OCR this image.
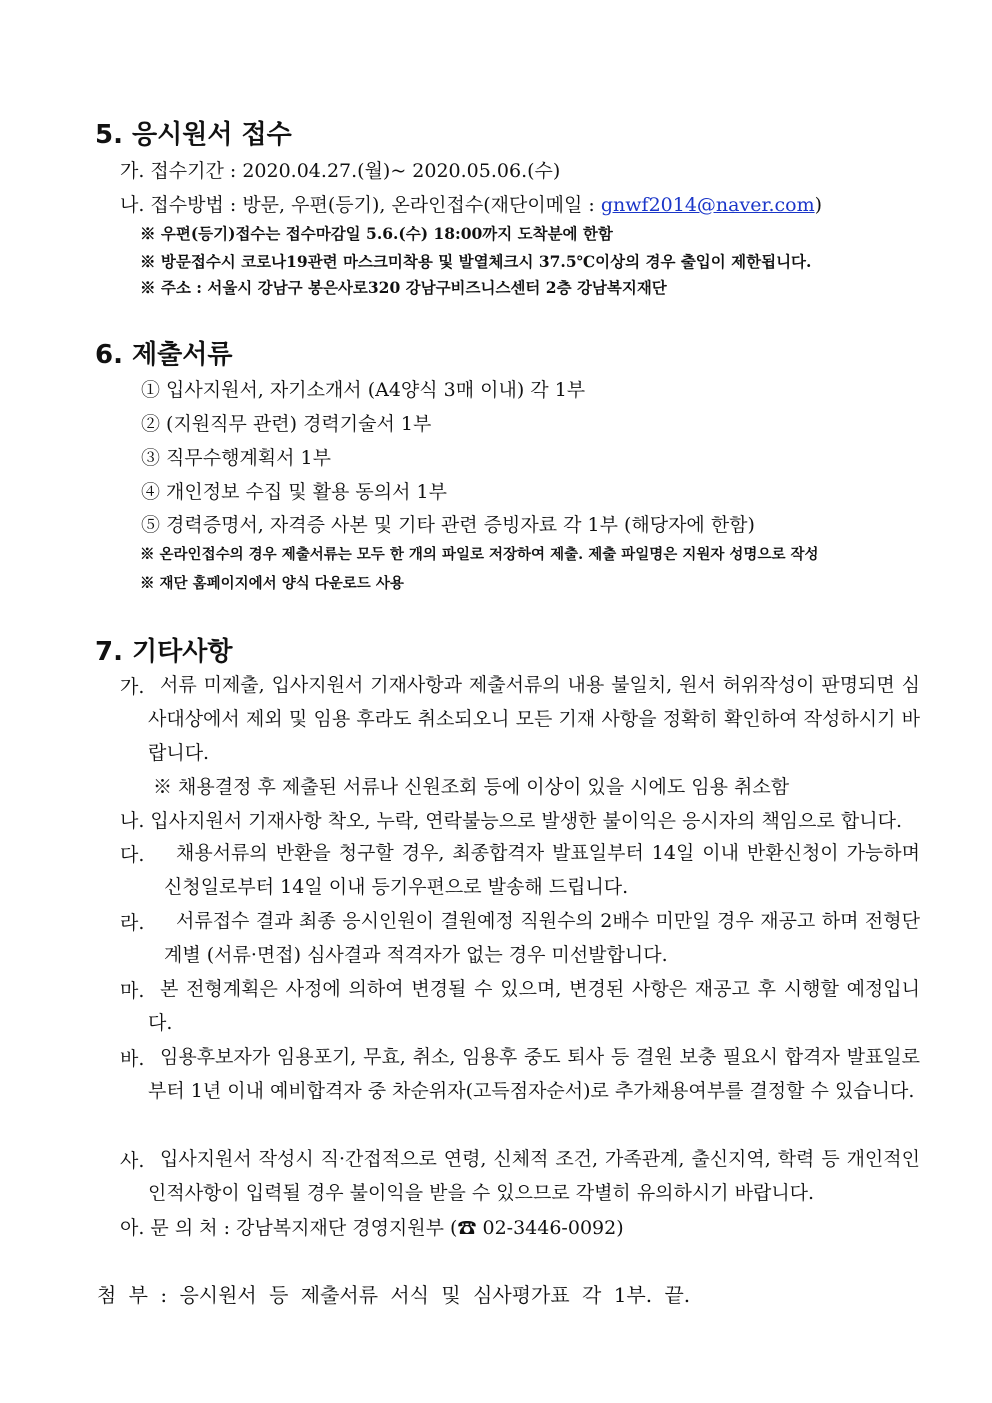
5. 응시원서 접수
가. 접수기간 : 2020.04.27.(월)~ 2020.05.06.(수)
나. 접수방법 : 방문, 우편(등기), 온라인접수(재단이메일 : gnwf2014@naver.com)
※ 우편(등기)접수는 접수마감일 5.6.(수) 18:00까지 도착분에 한함
※ 방문접수시 코로나19관련 마스크미착용 및 발열체크시 37.5℃이상의 경우 출입이 제한됩니다.
※ 주소 : 서울시 강남구 봉은사로320 강남구비즈니스센터 2층 강남복지재단
6. 제출서류
① 입사지원서, 자기소개서 (A4양식 3매 이내) 각 1부
② (지원직무 관련) 경력기술서 1부
③ 직무수행계획서 1부
④ 개인정보 수집 및 활용 동의서 1부
⑤ 경력증명서, 자격증 사본 및 기타 관련 증빙자료 각 1부 (해당자에 한함)
※ 온라인접수의 경우 제출서류는 모두 한 개의 파일로 저장하여 제출. 제출 파일명은 지원자 성명으로 작성
※ 재단 홈페이지에서 양식 다운로드 사용
7. 기타사항
가. 서류 미제출, 입사지원서 기재사항과 제출서류의 내용 불일치, 원서 허위작성이 판명되면 심사대상에서 제외 및 임용 후라도 취소되오니 모든 기재 사항을 정확히 확인하여 작성하시기 바랍니다.
※ 채용결정 후 제출된 서류나 신원조회 등에 이상이 있을 시에도 임용 취소함
나. 입사지원서 기재사항 착오, 누락, 연락불능으로 발생한 불이익은 응시자의 책임으로 합니다.
다.	채용서류의 반환을 청구할 경우, 최종합격자 발표일부터 14일 이내 반환신청이 가능하며 신청일로부터 14일 이내 등기우편으로 발송해 드립니다.
라.	서류접수 결과 최종 응시인원이 결원예정 직원수의 2배수 미만일 경우 재공고 하며 전형단계별 (서류·면접) 심사결과 적격자가 없는 경우 미선발합니다.
마. 본 전형계획은 사정에 의하여 변경될 수 있으며, 변경된 사항은 재공고 후 시행할 예정입니다.
바. 임용후보자가 임용포기, 무효, 취소, 임용후 중도 퇴사 등 결원 보충 필요시 합격자 발표일로부터 1년 이내 예비합격자 중 차순위자(고득점자순서)로 추가채용여부를 결정할 수 있습니다.
사. 입사지원서 작성시 직·간접적으로 연령, 신체적 조건, 가족관계, 출신지역, 학력 등 개인적인 인적사항이 입력될 경우 불이익을 받을 수 있으므로 각별히 유의하시기 바랍니다.
아. 문 의 처 : 강남복지재단 경영지원부 (☎ 02-3446-0092)
첨 부 : 응시원서 등 제출서류 서식 및 심사평가표 각 1부. 끝.
